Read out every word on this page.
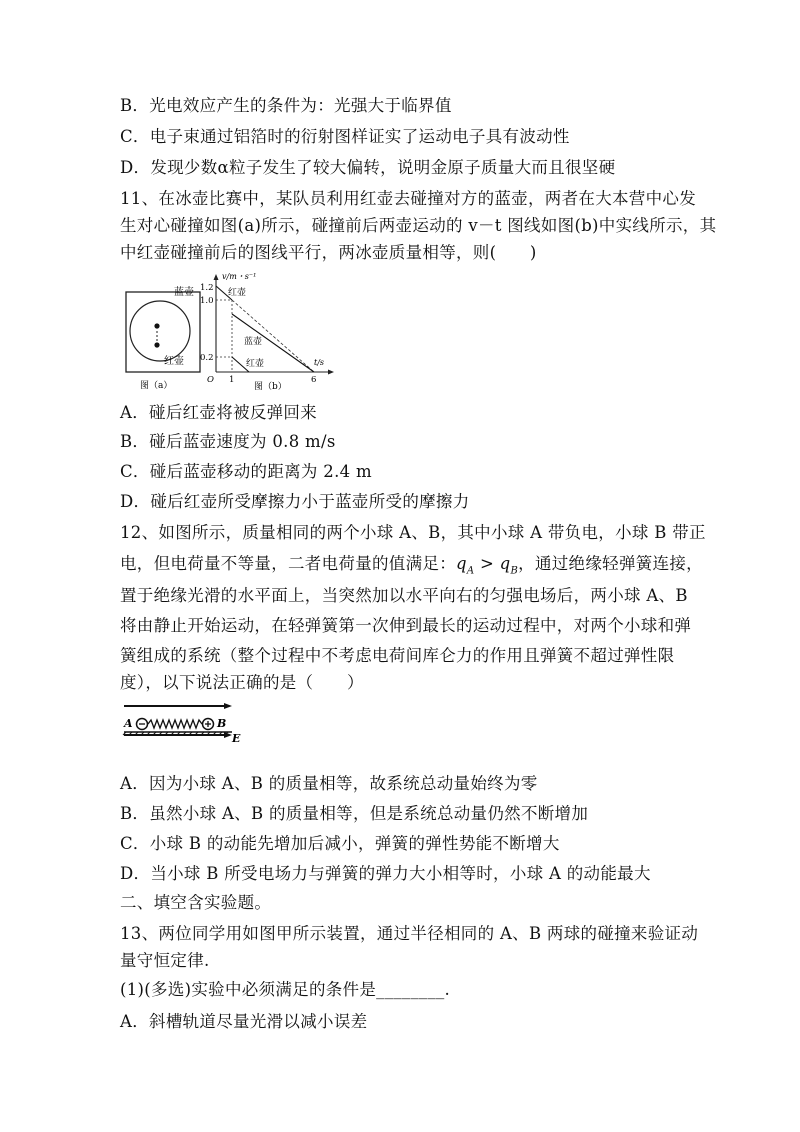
B．光电效应产生的条件为：光强大于临界值
C．电子束通过铝箔时的衍射图样证实了运动电子具有波动性
D．发现少数α粒子发生了较大偏转，说明金原子质量大而且很坚硬
11、在冰壶比赛中，某队员利用红壶去碰撞对方的蓝壶，两者在大本营中心发
生对心碰撞如图(a)所示，碰撞前后两壶运动的 v－t 图线如图(b)中实线所示，其
中红壶碰撞前后的图线平行，两冰壶质量相等，则(　　)
蓝壶
红壶
图（a）
v/m・s⁻¹
t/s
1.2
1.0
0.2
O 1	6
红壶
蓝壶
红壶
图（b）
A．碰后红壶将被反弹回来
B．碰后蓝壶速度为 0.8 m/s
C．碰后蓝壶移动的距离为 2.4 m
D．碰后红壶所受摩擦力小于蓝壶所受的摩擦力
12、如图所示，质量相同的两个小球 A、B，其中小球 A 带负电，小球 B 带正
电，但电荷量不等量，二者电荷量的值满足：$q_A > q_B$，通过绝缘轻弹簧连接，
置于绝缘光滑的水平面上，当突然加以水平向右的匀强电场后，两小球 A、B
将由静止开始运动，在轻弹簧第一次伸到最长的运动过程中，对两个小球和弹
簧组成的系统（整个过程中不考虑电荷间库仑力的作用且弹簧不超过弹性限
度），以下说法正确的是（　　）
A	B
E
A．因为小球 A、B 的质量相等，故系统总动量始终为零
B．虽然小球 A、B 的质量相等，但是系统总动量仍然不断增加
C．小球 B 的动能先增加后减小，弹簧的弹性势能不断增大
D．当小球 B 所受电场力与弹簧的弹力大小相等时，小球 A 的动能最大
二、填空含实验题。
13、两位同学用如图甲所示装置，通过半径相同的 A、B 两球的碰撞来验证动
量守恒定律.
(1)(多选)实验中必须满足的条件是________.
A．斜槽轨道尽量光滑以减小误差
